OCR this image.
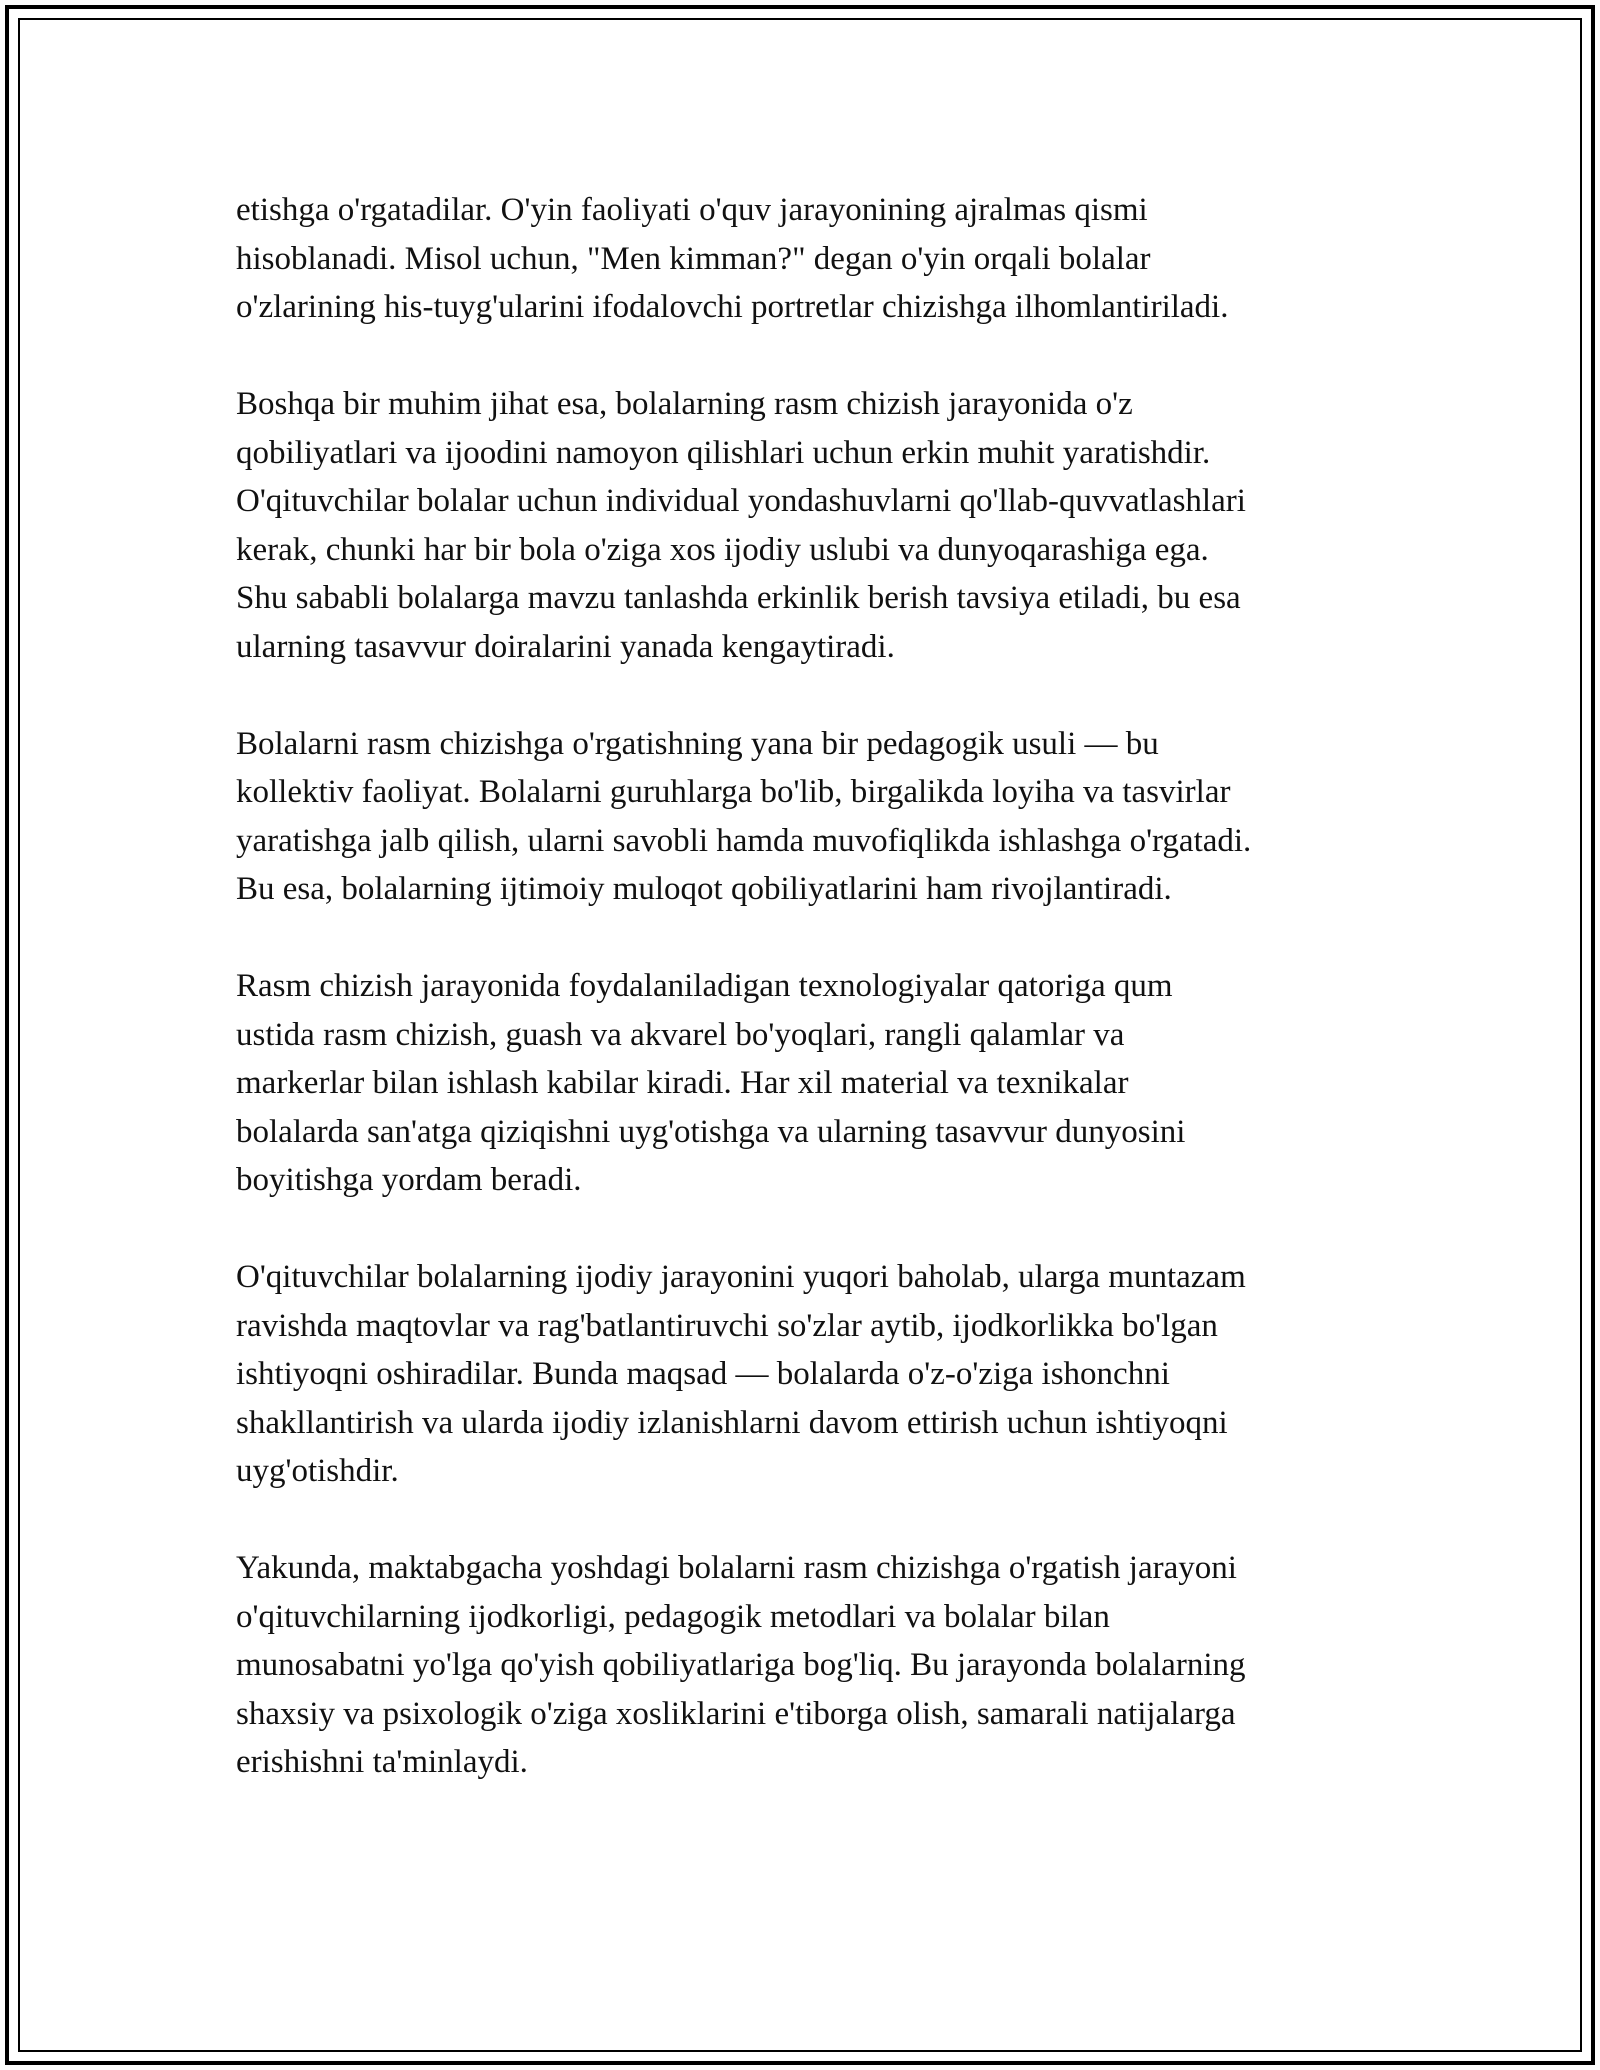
etishga o'rgatadilar. O'yin faoliyati o'quv jarayonining ajralmas qismi
hisoblanadi. Misol uchun, "Men kimman?" degan o'yin orqali bolalar
o'zlarining his-tuyg'ularini ifodalovchi portretlar chizishga ilhomlantiriladi.

Boshqa bir muhim jihat esa, bolalarning rasm chizish jarayonida o'z
qobiliyatlari va ijoodini namoyon qilishlari uchun erkin muhit yaratishdir.
O'qituvchilar bolalar uchun individual yondashuvlarni qo'llab-quvvatlashlari
kerak, chunki har bir bola o'ziga xos ijodiy uslubi va dunyoqarashiga ega.
Shu sababli bolalarga mavzu tanlashda erkinlik berish tavsiya etiladi, bu esa
ularning tasavvur doiralarini yanada kengaytiradi.

Bolalarni rasm chizishga o'rgatishning yana bir pedagogik usuli — bu
kollektiv faoliyat. Bolalarni guruhlarga bo'lib, birgalikda loyiha va tasvirlar
yaratishga jalb qilish, ularni savobli hamda muvofiqlikda ishlashga o'rgatadi.
Bu esa, bolalarning ijtimoiy muloqot qobiliyatlarini ham rivojlantiradi.

Rasm chizish jarayonida foydalaniladigan texnologiyalar qatoriga qum
ustida rasm chizish, guash va akvarel bo'yoqlari, rangli qalamlar va
markerlar bilan ishlash kabilar kiradi. Har xil material va texnikalar
bolalarda san'atga qiziqishni uyg'otishga va ularning tasavvur dunyosini
boyitishga yordam beradi.

O'qituvchilar bolalarning ijodiy jarayonini yuqori baholab, ularga muntazam
ravishda maqtovlar va rag'batlantiruvchi so'zlar aytib, ijodkorlikka bo'lgan
ishtiyoqni oshiradilar. Bunda maqsad — bolalarda o'z-o'ziga ishonchni
shakllantirish va ularda ijodiy izlanishlarni davom ettirish uchun ishtiyoqni
uyg'otishdir.

Yakunda, maktabgacha yoshdagi bolalarni rasm chizishga o'rgatish jarayoni
o'qituvchilarning ijodkorligi, pedagogik metodlari va bolalar bilan
munosabatni yo'lga qo'yish qobiliyatlariga bog'liq. Bu jarayonda bolalarning
shaxsiy va psixologik o'ziga xosliklarini e'tiborga olish, samarali natijalarga
erishishni ta'minlaydi.
